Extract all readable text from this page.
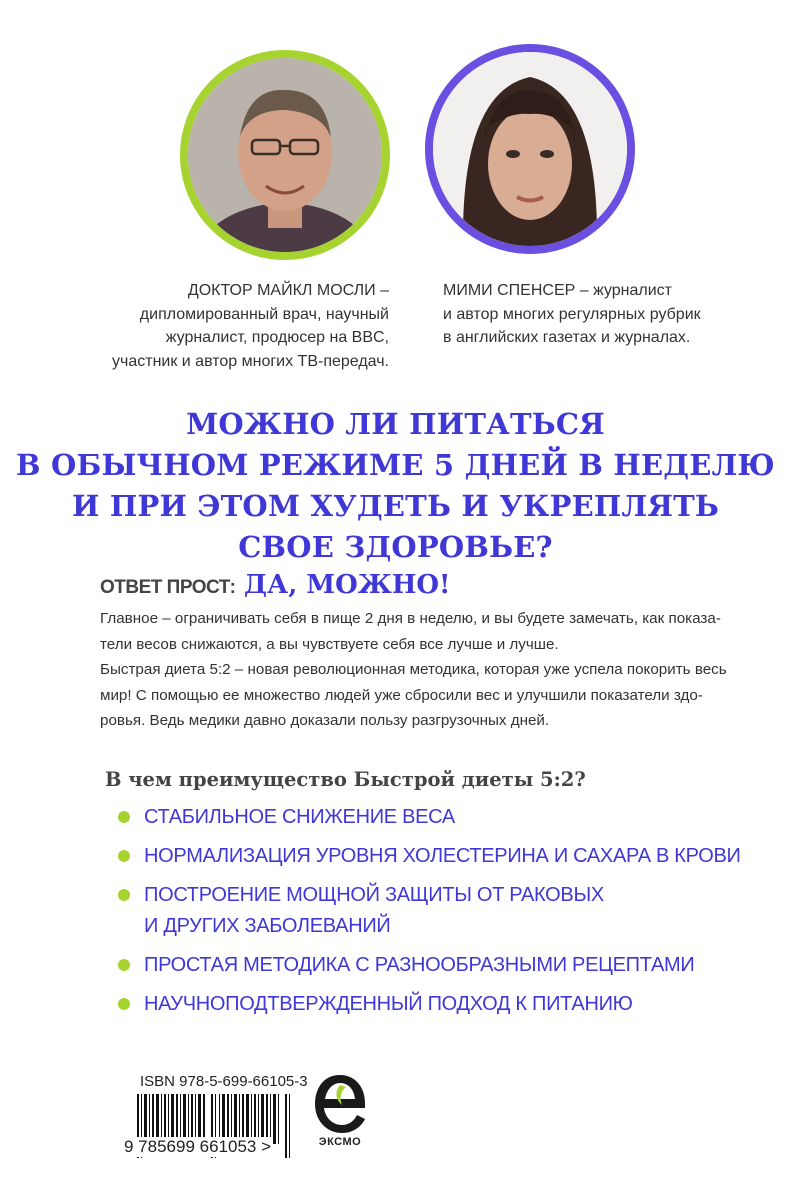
ДОКТОР МАЙКЛ МОСЛИ –
дипломированный врач, научный
журналист, продюсер на BBC,
участник и автор многих ТВ-передач.
МИМИ СПЕНСЕР – журналист
и автор многих регулярных рубрик
в английских газетах и журналах.
МОЖНО ЛИ ПИТАТЬСЯ
В ОБЫЧНОМ РЕЖИМЕ 5 ДНЕЙ В НЕДЕЛЮ
И ПРИ ЭТОМ ХУДЕТЬ И УКРЕПЛЯТЬ
СВОЕ ЗДОРОВЬЕ?
ОТВЕТ ПРОСТ: ДА, МОЖНО!
Главное – ограничивать себя в пище 2 дня в неделю, и вы будете замечать, как показа-
тели весов снижаются, а вы чувствуете себя все лучше и лучше.
Быстрая диета 5:2 – новая революционная методика, которая уже успела покорить весь
мир! С помощью ее множество людей уже сбросили вес и улучшили показатели здо-
ровья. Ведь медики давно доказали пользу разгрузочных дней.
В чем преимущество Быстрой диеты 5:2?
СТАБИЛЬНОЕ СНИЖЕНИЕ ВЕСА
НОРМАЛИЗАЦИЯ УРОВНЯ ХОЛЕСТЕРИНА И САХАРА В КРОВИ
ПОСТРОЕНИЕ МОЩНОЙ ЗАЩИТЫ ОТ РАКОВЫХ
И ДРУГИХ ЗАБОЛЕВАНИЙ
ПРОСТАЯ МЕТОДИКА С РАЗНООБРАЗНЫМИ РЕЦЕПТАМИ
НАУЧНОПОДТВЕРЖДЕННЫЙ ПОДХОД К ПИТАНИЮ
ISBN 978-5-699-66105-3
9 785699 661053 >	ЭКСМО
